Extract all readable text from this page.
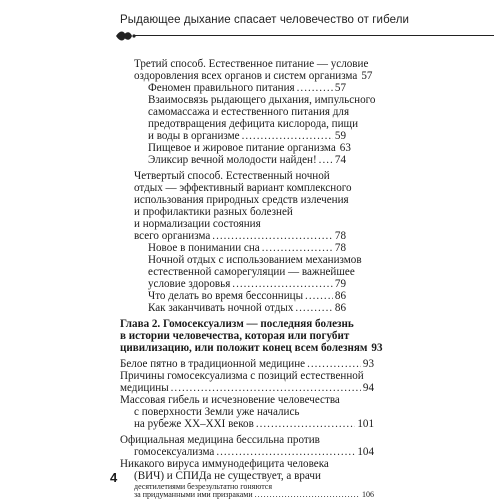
Рыдающее дыхание спасает человечество от гибели
Третий способ. Естественное питание — условие
оздоровления всех органов и систем организма 57
Феномен правильного питания .....	57
Взаимосвязь рыдающего дыхания, импульсного
самомассажа и естественного питания для
предотвращения дефицита кислорода, пищи
и воды в организме .....	59
Пищевое и жировое питание организма 63
Эликсир вечной молодости найден! ..... 74
Четвертый способ. Естественный ночной
отдых — эффективный вариант комплексного
использования природных средств излечения
и профилактики разных болезней
и нормализации состояния
всего организма .....	78
Новое в понимании сна .....	78
Ночной отдых с использованием механизмов
естественной саморегуляции — важнейшее
условие здоровья .....	79
Что делать во время бессонницы .....	86
Как заканчивать ночной отдых .....	86
Глава 2. Гомосексуализм — последняя болезнь
в истории человечества, которая или погубит
цивилизацию, или положит конец всем болезням 93
Белое пятно в традиционной медицине .....	93
Причины гомосексуализма с позиций естественной
медицины .....	94
Массовая гибель и исчезновение человечества
с поверхности Земли уже начались
на рубеже XX–XXI веков .....	101
Официальная медицина бессильна против
гомосексуализма .....	104
Никакого вируса иммунодефицита человека
(ВИЧ) и СПИДа не существует, а врачи
десятилетиями безрезультатно гоняются
за придуманными ими призраками .....	106
4
